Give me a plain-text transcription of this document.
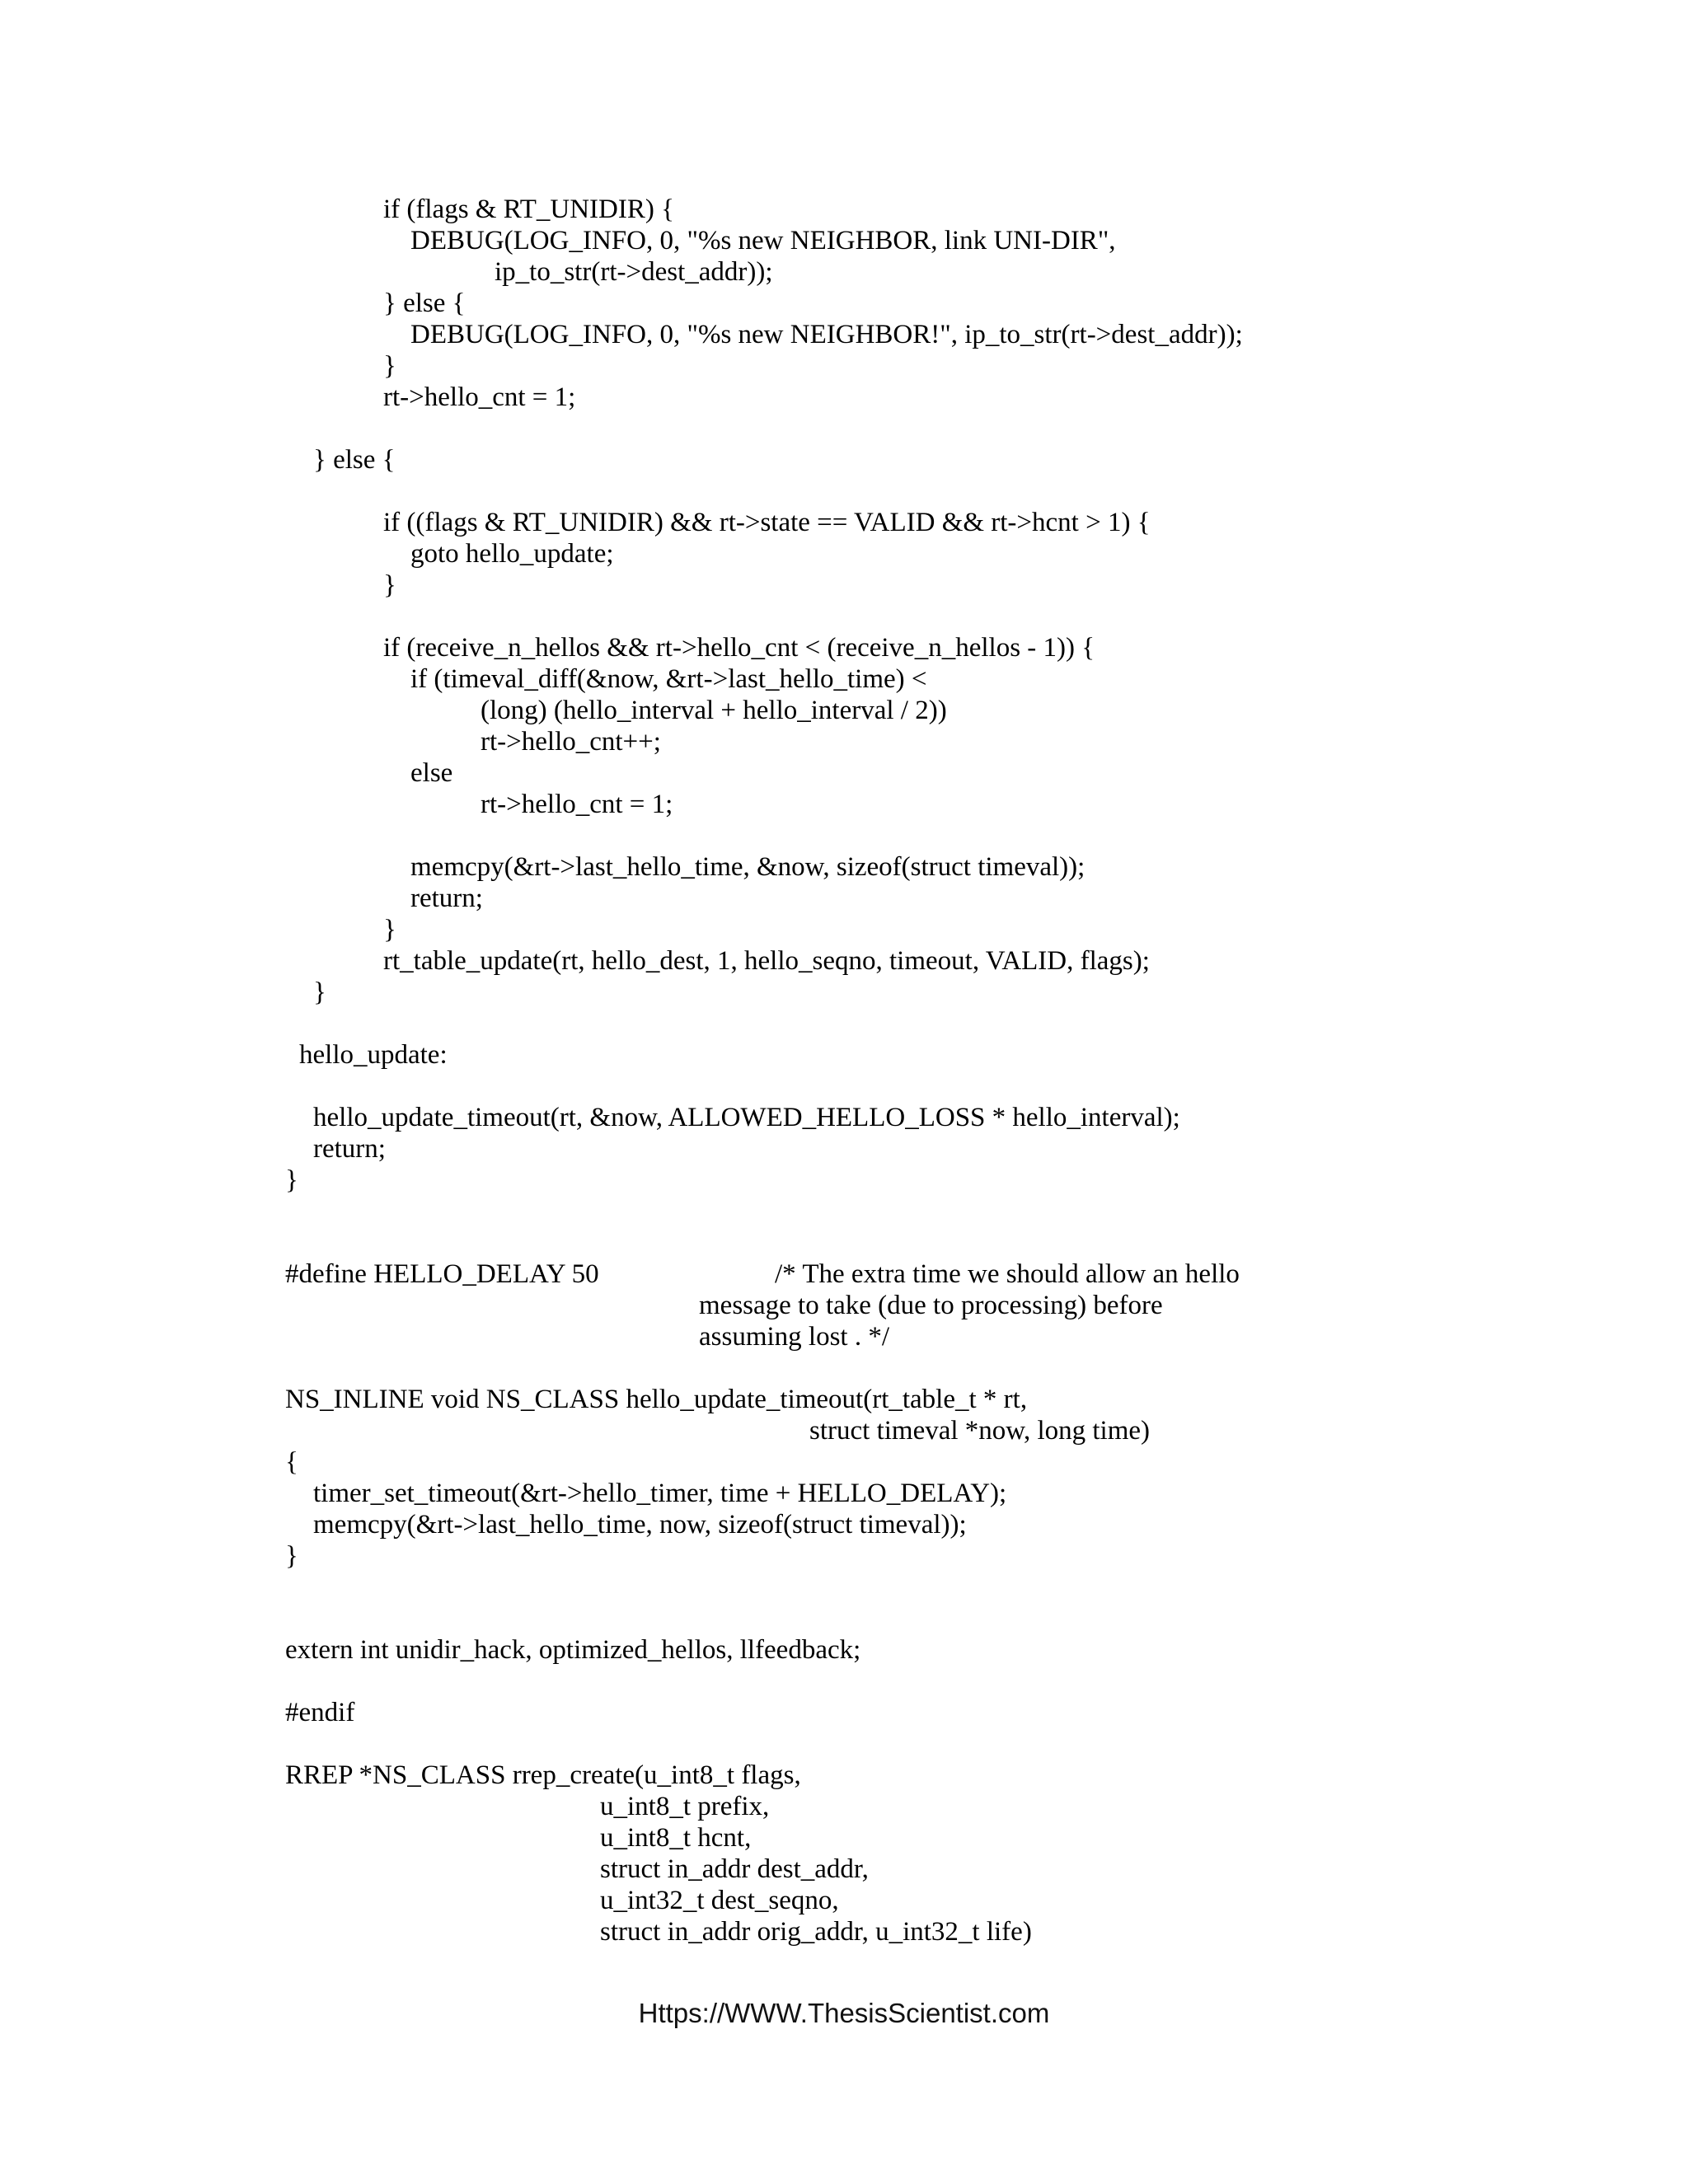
if (flags & RT_UNIDIR) {
DEBUG(LOG_INFO, 0, "%s new NEIGHBOR, link UNI-DIR",
ip_to_str(rt->dest_addr));
} else {
DEBUG(LOG_INFO, 0, "%s new NEIGHBOR!", ip_to_str(rt->dest_addr));
}
rt->hello_cnt = 1;
} else {
if ((flags & RT_UNIDIR) && rt->state == VALID && rt->hcnt > 1) {
goto hello_update;
}
if (receive_n_hellos && rt->hello_cnt < (receive_n_hellos - 1)) {
if (timeval_diff(&now, &rt->last_hello_time) <
(long) (hello_interval + hello_interval / 2))
rt->hello_cnt++;
else
rt->hello_cnt = 1;
memcpy(&rt->last_hello_time, &now, sizeof(struct timeval));
return;
}
rt_table_update(rt, hello_dest, 1, hello_seqno, timeout, VALID, flags);
}
hello_update:
hello_update_timeout(rt, &now, ALLOWED_HELLO_LOSS * hello_interval);
return;
}
#define HELLO_DELAY 50	/* The extra time we should allow an hello
message to take (due to processing) before
assuming lost . */
NS_INLINE void NS_CLASS hello_update_timeout(rt_table_t * rt,
struct timeval *now, long time)
{
timer_set_timeout(&rt->hello_timer, time + HELLO_DELAY);
memcpy(&rt->last_hello_time, now, sizeof(struct timeval));
}
extern int unidir_hack, optimized_hellos, llfeedback;
#endif
RREP *NS_CLASS rrep_create(u_int8_t flags,
u_int8_t prefix,
u_int8_t hcnt,
struct in_addr dest_addr,
u_int32_t dest_seqno,
struct in_addr orig_addr, u_int32_t life)
Https://WWW.ThesisScientist.com
